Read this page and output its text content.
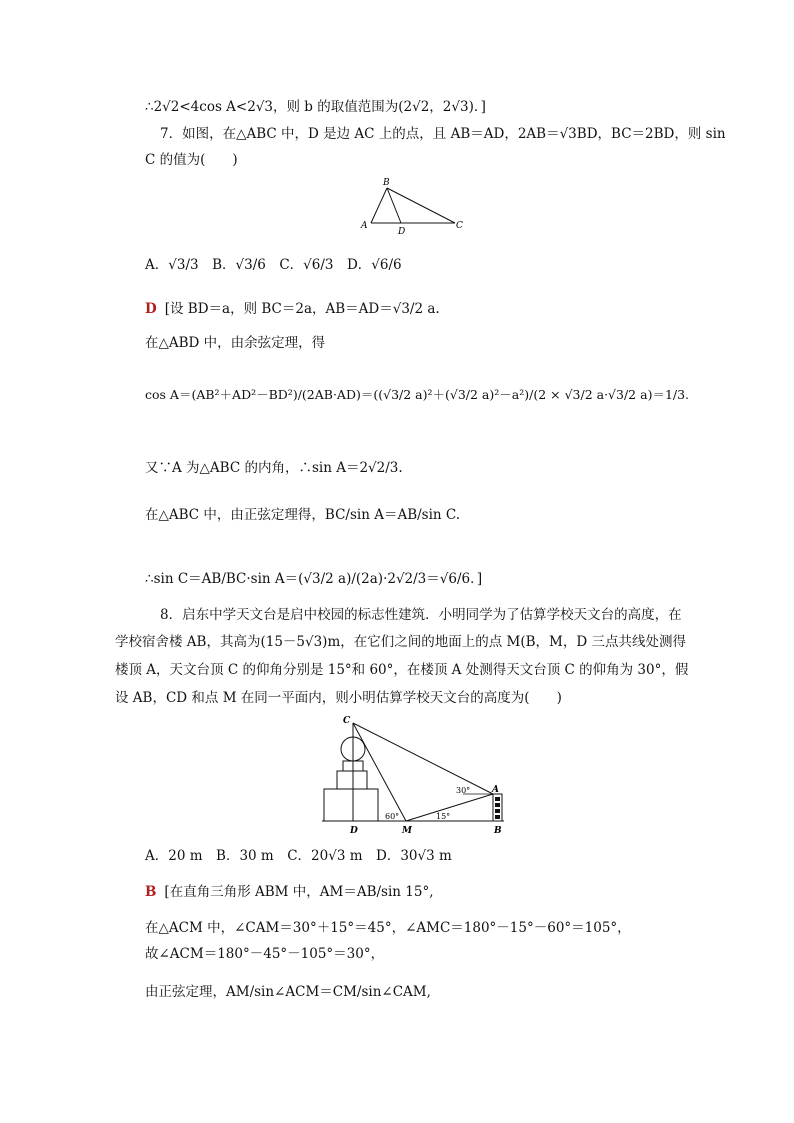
∴2√2<4cos A<2√3，则 b 的取值范围为(2√2，2√3)．]
7．如图，在△ABC 中，D 是边 AC 上的点，且 AB＝AD，2AB＝√3BD，BC＝2BD，则 sin
C 的值为(　　)
B
A
D
C
A．√3/3　B．√3/6　C．√6/3　D．√6/6
D [设 BD＝a，则 BC＝2a，AB＝AD＝√3/2 a.
在△ABD 中，由余弦定理，得
cos A＝(AB²＋AD²－BD²)/(2AB·AD)＝((√3/2 a)²＋(√3/2 a)²－a²)/(2 × √3/2 a·√3/2 a)＝1/3.
又∵A 为△ABC 的内角，∴sin A＝2√2/3.
在△ABC 中，由正弦定理得，BC/sin A＝AB/sin C.
∴sin C＝AB/BC·sin A＝(√3/2 a)/(2a)·2√2/3＝√6/6．]
8．启东中学天文台是启中校园的标志性建筑．小明同学为了估算学校天文台的高度，在
学校宿舍楼 AB，其高为(15－5√3)m，在它们之间的地面上的点 M(B，M，D 三点共线处测得
楼顶 A，天文台顶 C 的仰角分别是 15°和 60°，在楼顶 A 处测得天文台顶 C 的仰角为 30°，假
设 AB，CD 和点 M 在同一平面内，则小明估算学校天文台的高度为(　　)
C
A
D	M	B
30°
60°	15°
A．20 m　B．30 m　C．20√3 m　D．30√3 m
B [在直角三角形 ABM 中，AM＝AB/sin 15°,
在△ACM 中，∠CAM＝30°＋15°＝45°，∠AMC＝180°－15°－60°＝105°，
故∠ACM＝180°－45°－105°＝30°，
由正弦定理，AM/sin∠ACM＝CM/sin∠CAM,
